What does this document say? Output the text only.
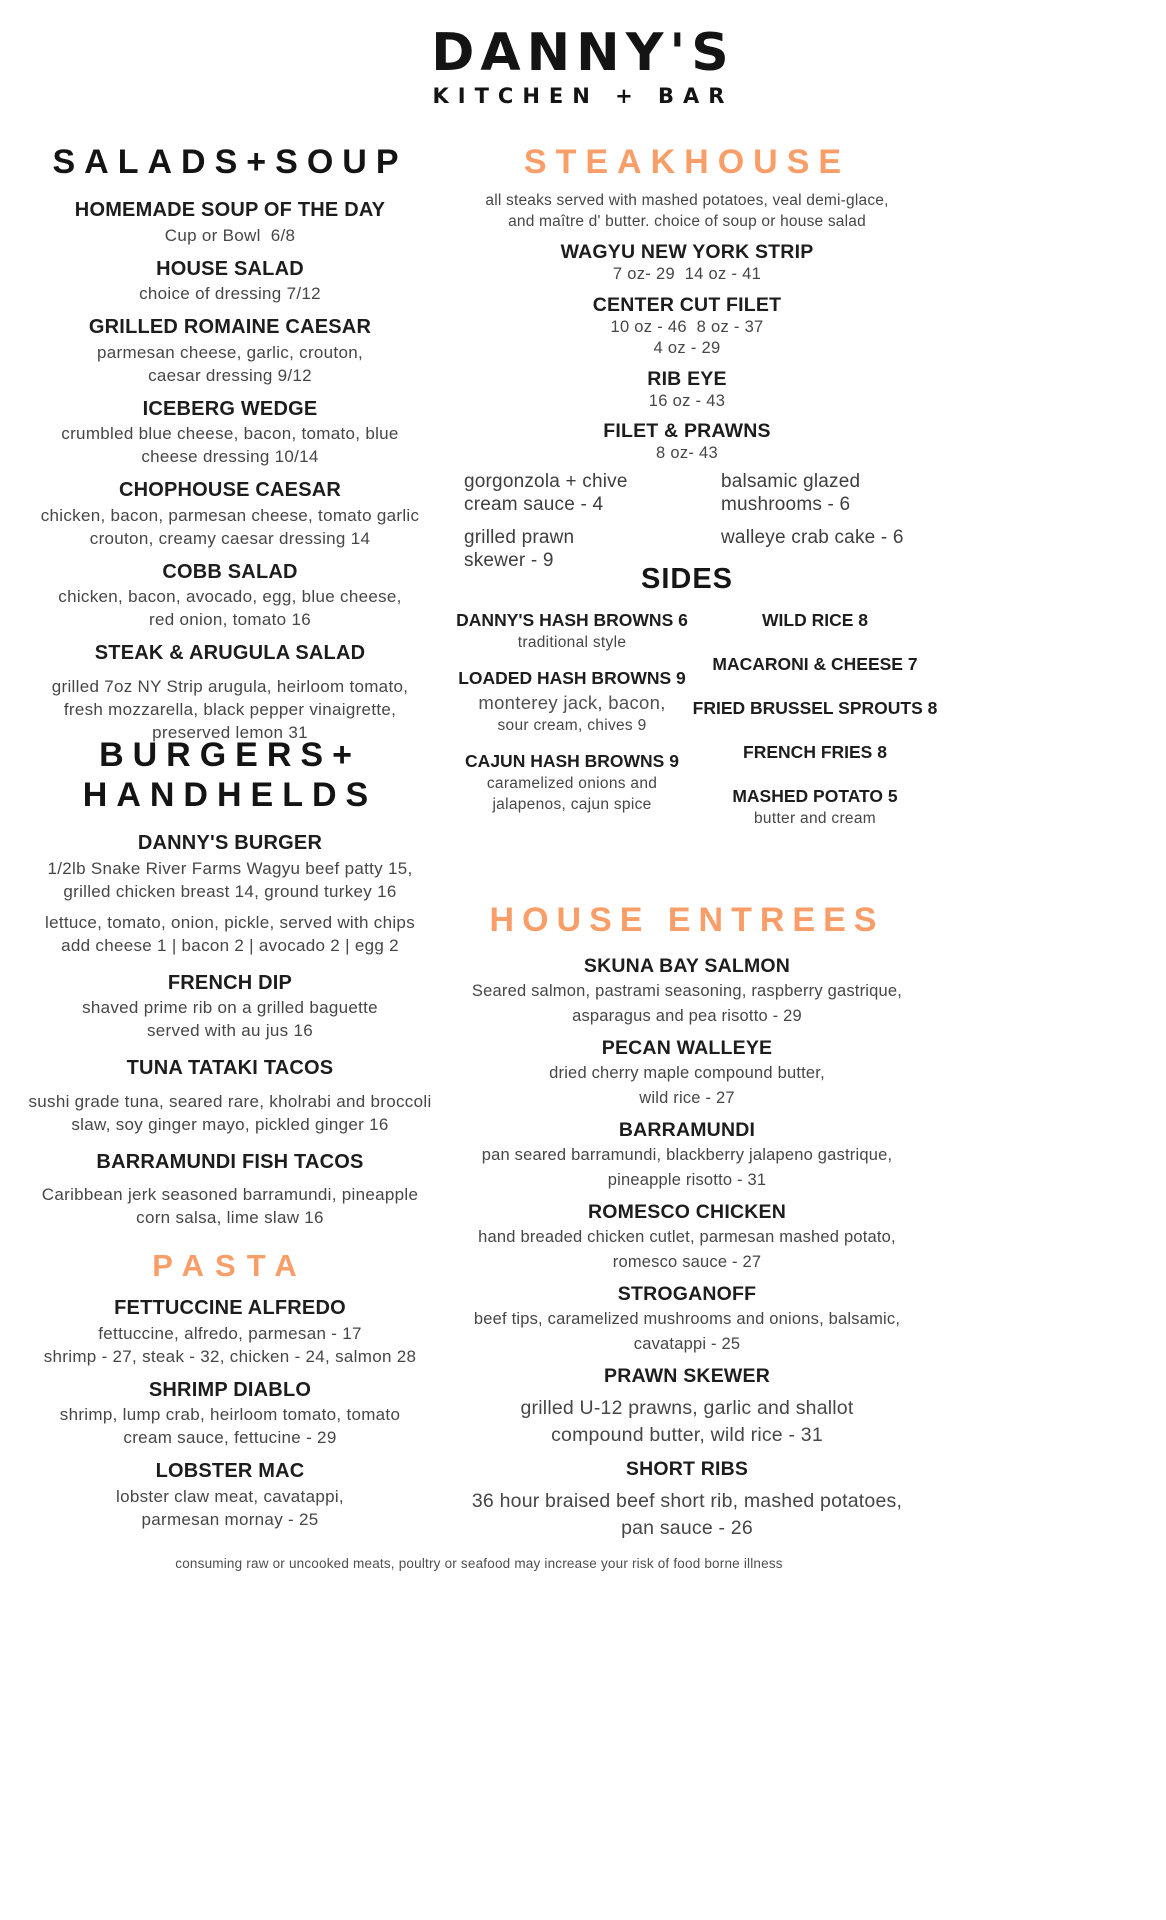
DANNY'S
KITCHEN + BAR
SALADS+SOUP
HOMEMADE SOUP OF THE DAY
Cup or Bowl  6/8
HOUSE SALAD
choice of dressing 7/12
GRILLED ROMAINE CAESAR
parmesan cheese, garlic, crouton,
caesar dressing 9/12
ICEBERG WEDGE
crumbled blue cheese, bacon, tomato, blue
cheese dressing 10/14
CHOPHOUSE CAESAR
chicken, bacon, parmesan cheese, tomato garlic
crouton, creamy caesar dressing 14
COBB SALAD
chicken, bacon, avocado, egg, blue cheese,
red onion, tomato 16
STEAK & ARUGULA SALAD
grilled 7oz NY Strip arugula, heirloom tomato,
fresh mozzarella, black pepper vinaigrette,
preserved lemon 31
BURGERS+
HANDHELDS
DANNY'S BURGER
1/2lb Snake River Farms Wagyu beef patty 15,
grilled chicken breast 14, ground turkey 16
lettuce, tomato, onion, pickle, served with chips
add cheese 1 | bacon 2 | avocado 2 | egg 2
FRENCH DIP
shaved prime rib on a grilled baguette
served with au jus 16
TUNA TATAKI TACOS
sushi grade tuna, seared rare, kholrabi and broccoli
slaw, soy ginger mayo, pickled ginger 16
BARRAMUNDI FISH TACOS
Caribbean jerk seasoned barramundi, pineapple
corn salsa, lime slaw 16
PASTA
FETTUCCINE ALFREDO
fettuccine, alfredo, parmesan - 17
shrimp - 27, steak - 32, chicken - 24, salmon 28
SHRIMP DIABLO
shrimp, lump crab, heirloom tomato, tomato
cream sauce, fettucine - 29
LOBSTER MAC
lobster claw meat, cavatappi,
parmesan mornay - 25
STEAKHOUSE
all steaks served with mashed potatoes, veal demi-glace,
and maître d' butter. choice of soup or house salad
WAGYU NEW YORK STRIP
7 oz- 29  14 oz - 41
CENTER CUT FILET
10 oz - 46  8 oz - 37
4 oz - 29
RIB EYE
16 oz - 43
FILET & PRAWNS
8 oz- 43
gorgonzola + chive
cream sauce - 4
grilled prawn
skewer - 9
balsamic glazed
mushrooms - 6
walleye crab cake - 6
SIDES
DANNY'S HASH BROWNS 6
traditional style
LOADED HASH BROWNS 9
monterey jack, bacon,
sour cream, chives 9
CAJUN HASH BROWNS 9
caramelized onions and
jalapenos, cajun spice
WILD RICE 8
MACARONI & CHEESE 7
FRIED BRUSSEL SPROUTS 8
FRENCH FRIES 8
MASHED POTATO 5
butter and cream
HOUSE ENTREES
SKUNA BAY SALMON
Seared salmon, pastrami seasoning, raspberry gastrique,
asparagus and pea risotto - 29
PECAN WALLEYE
dried cherry maple compound butter,
wild rice - 27
BARRAMUNDI
pan seared barramundi, blackberry jalapeno gastrique,
pineapple risotto - 31
ROMESCO CHICKEN
hand breaded chicken cutlet, parmesan mashed potato,
romesco sauce - 27
STROGANOFF
beef tips, caramelized mushrooms and onions, balsamic,
cavatappi - 25
PRAWN SKEWER
grilled U-12 prawns, garlic and shallot
compound butter, wild rice - 31
SHORT RIBS
36 hour braised beef short rib, mashed potatoes,
pan sauce - 26
consuming raw or uncooked meats, poultry or seafood may increase your risk of food borne illness
